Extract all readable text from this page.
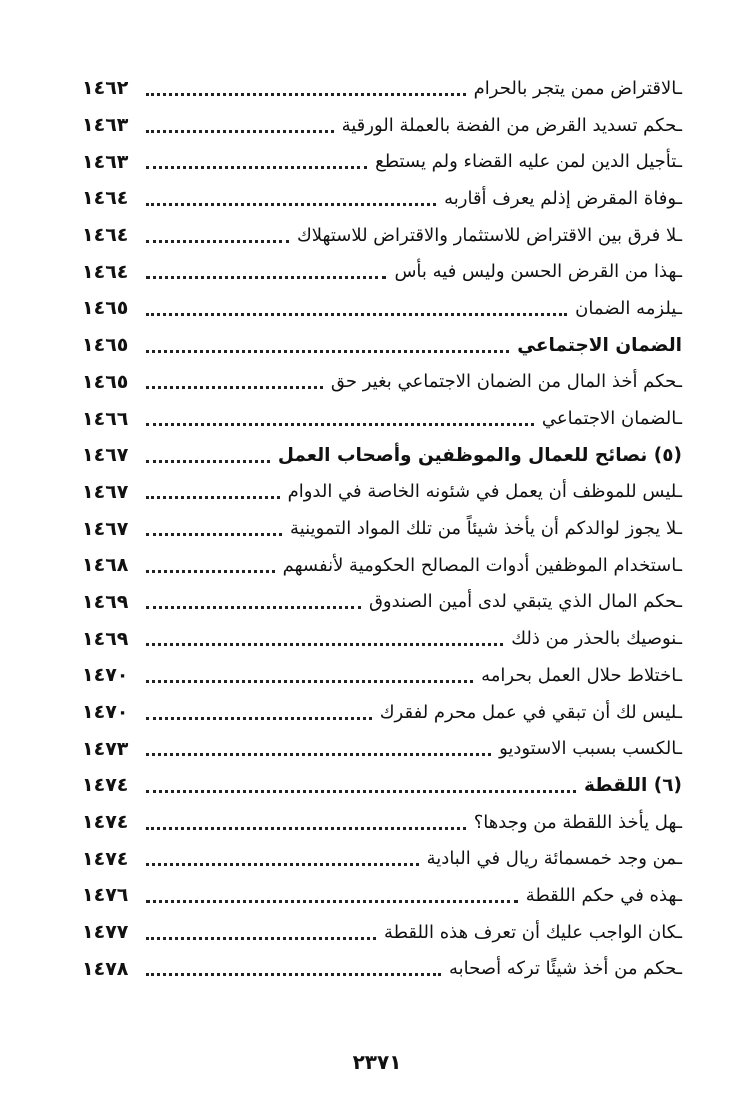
١٤٦٢	ـالاقتراض ممن يتجر بالحرام
١٤٦٣	ـحكم تسديد القرض من الفضة بالعملة الورقية
١٤٦٣	ـتأجيل الدين لمن عليه القضاء ولم يستطع
١٤٦٤	ـوفاة المقرض إذلم يعرف أقاربه
١٤٦٤	ـلا فرق بين الاقتراض للاستثمار والاقتراض للاستهلاك
١٤٦٤	ـهذا من القرض الحسن وليس فيه بأس
١٤٦٥	ـيلزمه الضمان
١٤٦٥	الضمان الاجتماعي
١٤٦٥	ـحكم أخذ المال من الضمان الاجتماعي بغير حق
١٤٦٦	ـالضمان الاجتماعي
١٤٦٧	(٥) نصائح للعمال والموظفين وأصحاب العمل
١٤٦٧	ـليس للموظف أن يعمل في شئونه الخاصة في الدوام
١٤٦٧	ـلا يجوز لوالدكم أن يأخذ شيئاً من تلك المواد التموينية
١٤٦٨	ـاستخدام الموظفين أدوات المصالح الحكومية لأنفسهم
١٤٦٩	ـحكم المال الذي يتبقي لدى أمين الصندوق
١٤٦٩	ـنوصيك بالحذر من ذلك
١٤٧٠	ـاختلاط حلال العمل بحرامه
١٤٧٠	ـليس لك أن تبقي في عمل محرم لفقرك
١٤٧٣	ـالكسب بسبب الاستوديو
١٤٧٤	(٦) اللقطة
١٤٧٤	ـهل يأخذ اللقطة من وجدها؟
١٤٧٤	ـمن وجد خمسمائة ريال في البادية
١٤٧٦	ـهذه في حكم اللقطة
١٤٧٧	ـكان الواجب عليك أن تعرف هذه اللقطة
١٤٧٨	ـحكم من أخذ شيئًا تركه أصحابه
٢٣٧١
